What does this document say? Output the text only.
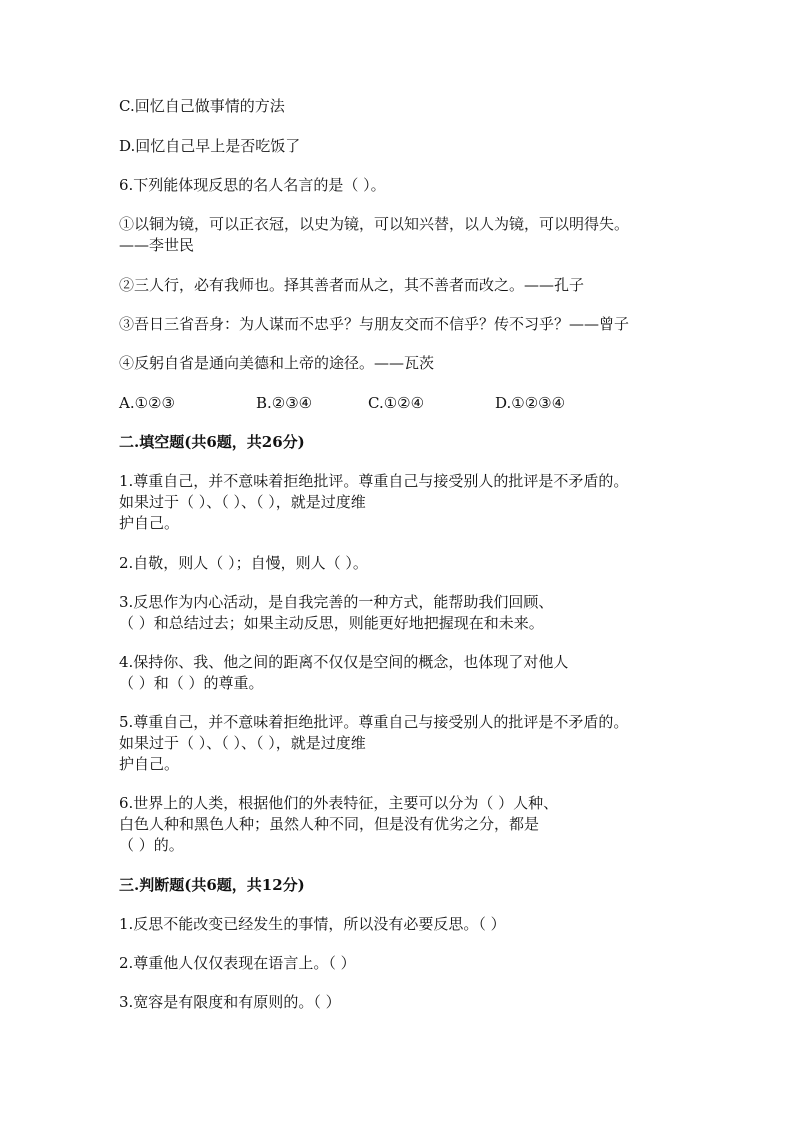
C.回忆自己做事情的方法
D.回忆自己早上是否吃饭了
6.下列能体现反思的名人名言的是（ ）。
①以铜为镜，可以正衣冠，以史为镜，可以知兴替，以人为镜，可以明得失。
——李世民
②三人行，必有我师也。择其善者而从之，其不善者而改之。——孔子
③吾日三省吾身：为人谋而不忠乎？与朋友交而不信乎？传不习乎？——曾子
④反躬自省是通向美德和上帝的途径。——瓦茨
A.①②③	B.②③④	C.①②④	D.①②③④
二.填空题(共6题，共26分)
1.尊重自己，并不意味着拒绝批评。尊重自己与接受别人的批评是不矛盾的。
如果过于（ ）、（ ）、（ ），就是过度维
护自己。
2.自敬，则人（ ）；自慢，则人（ ）。
3.反思作为内心活动，是自我完善的一种方式，能帮助我们回顾、
（ ）和总结过去；如果主动反思，则能更好地把握现在和未来。
4.保持你、我、他之间的距离不仅仅是空间的概念，也体现了对他人
（ ）和（ ）的尊重。
5.尊重自己，并不意味着拒绝批评。尊重自己与接受别人的批评是不矛盾的。
如果过于（ ）、（ ）、（ ），就是过度维
护自己。
6.世界上的人类，根据他们的外表特征，主要可以分为（ ）人种、
白色人种和黑色人种；虽然人种不同，但是没有优劣之分，都是
（ ）的。
三.判断题(共6题，共12分)
1.反思不能改变已经发生的事情，所以没有必要反思。（ ）
2.尊重他人仅仅表现在语言上。（ ）
3.宽容是有限度和有原则的。（ ）
